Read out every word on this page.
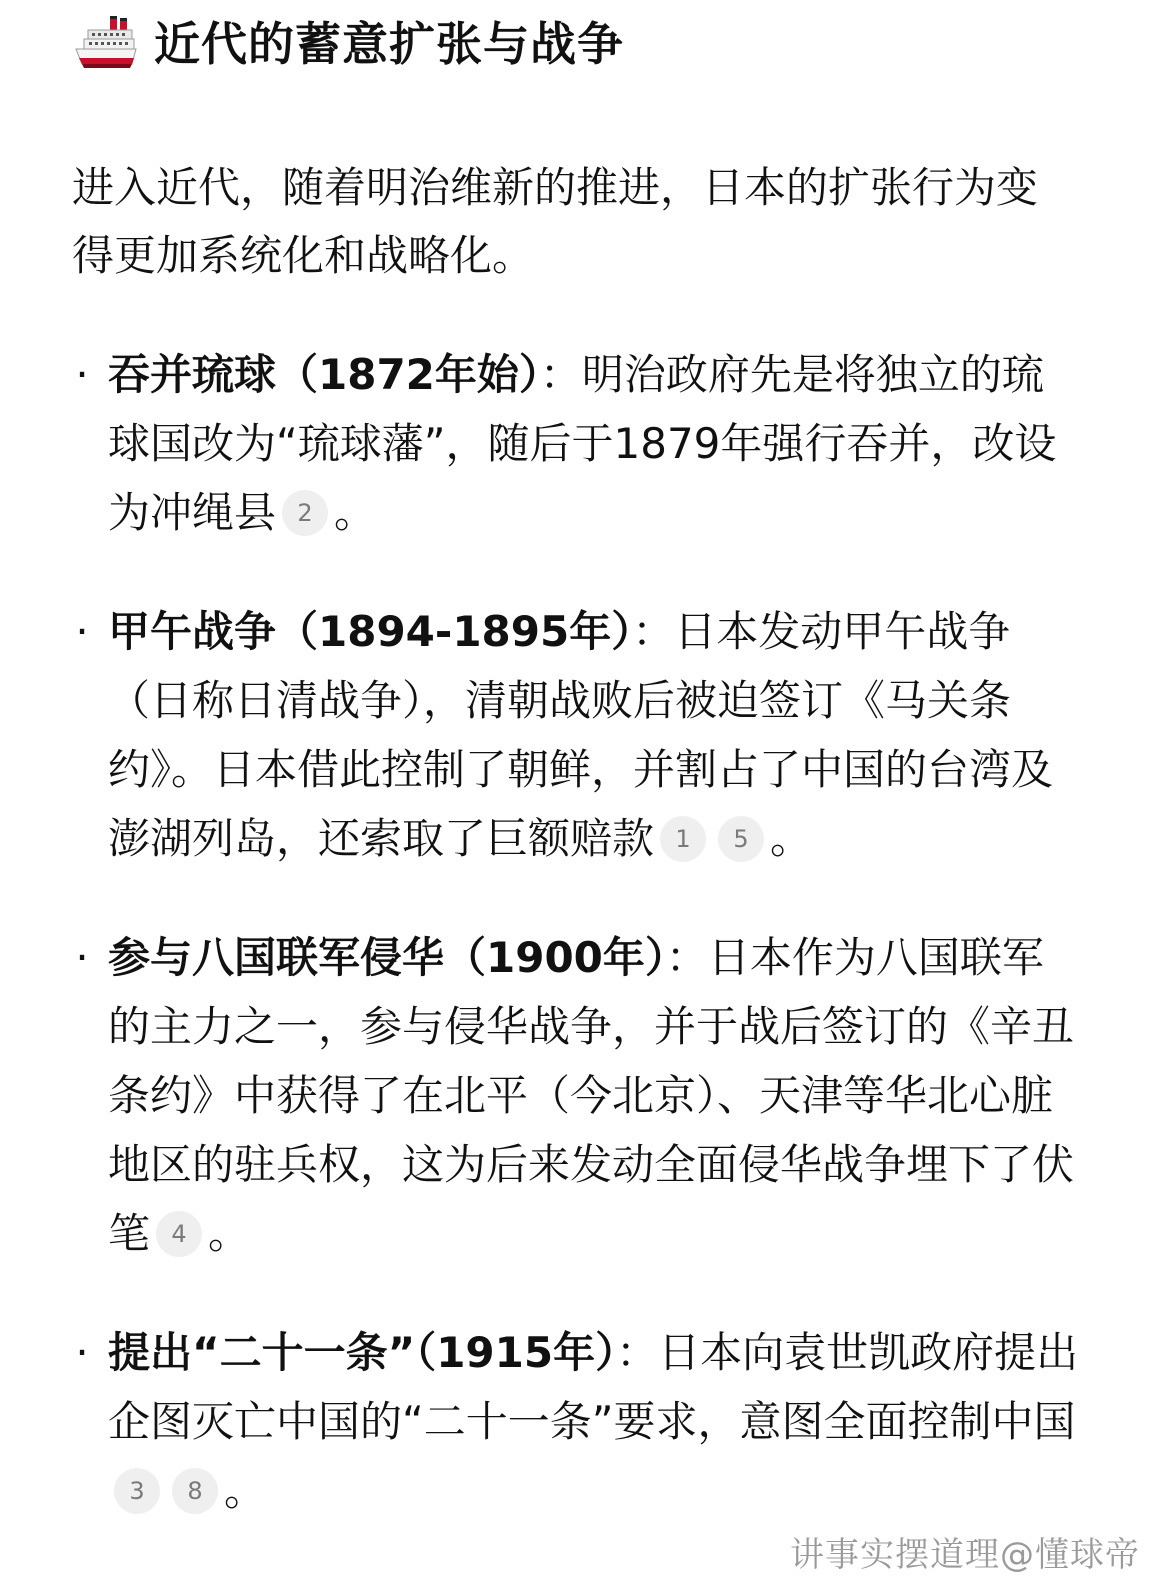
近代的蓄意扩张与战争

进入近代，随着明治维新的推进，日本的扩张行为变得更加系统化和战略化。

· 吞并琉球（1872年始）：明治政府先是将独立的琉球国改为“琉球藩”，随后于1879年强行吞并，改设为冲绳县 2 。
· 甲午战争（1894-1895年）：日本发动甲午战争（日称日清战争），清朝战败后被迫签订《马关条约》。日本借此控制了朝鲜，并割占了中国的台湾及澎湖列岛，还索取了巨额赔款 1 5 。
· 参与八国联军侵华（1900年）：日本作为八国联军的主力之一，参与侵华战争，并于战后签订的《辛丑条约》中获得了在北平（今北京）、天津等华北心脏地区的驻兵权，这为后来发动全面侵华战争埋下了伏笔 4 。
· 提出“二十一条”（1915年）：日本向袁世凯政府提出企图灭亡中国的“二十一条”要求，意图全面控制中国3 8 。
讲事实摆道理@懂球帝
